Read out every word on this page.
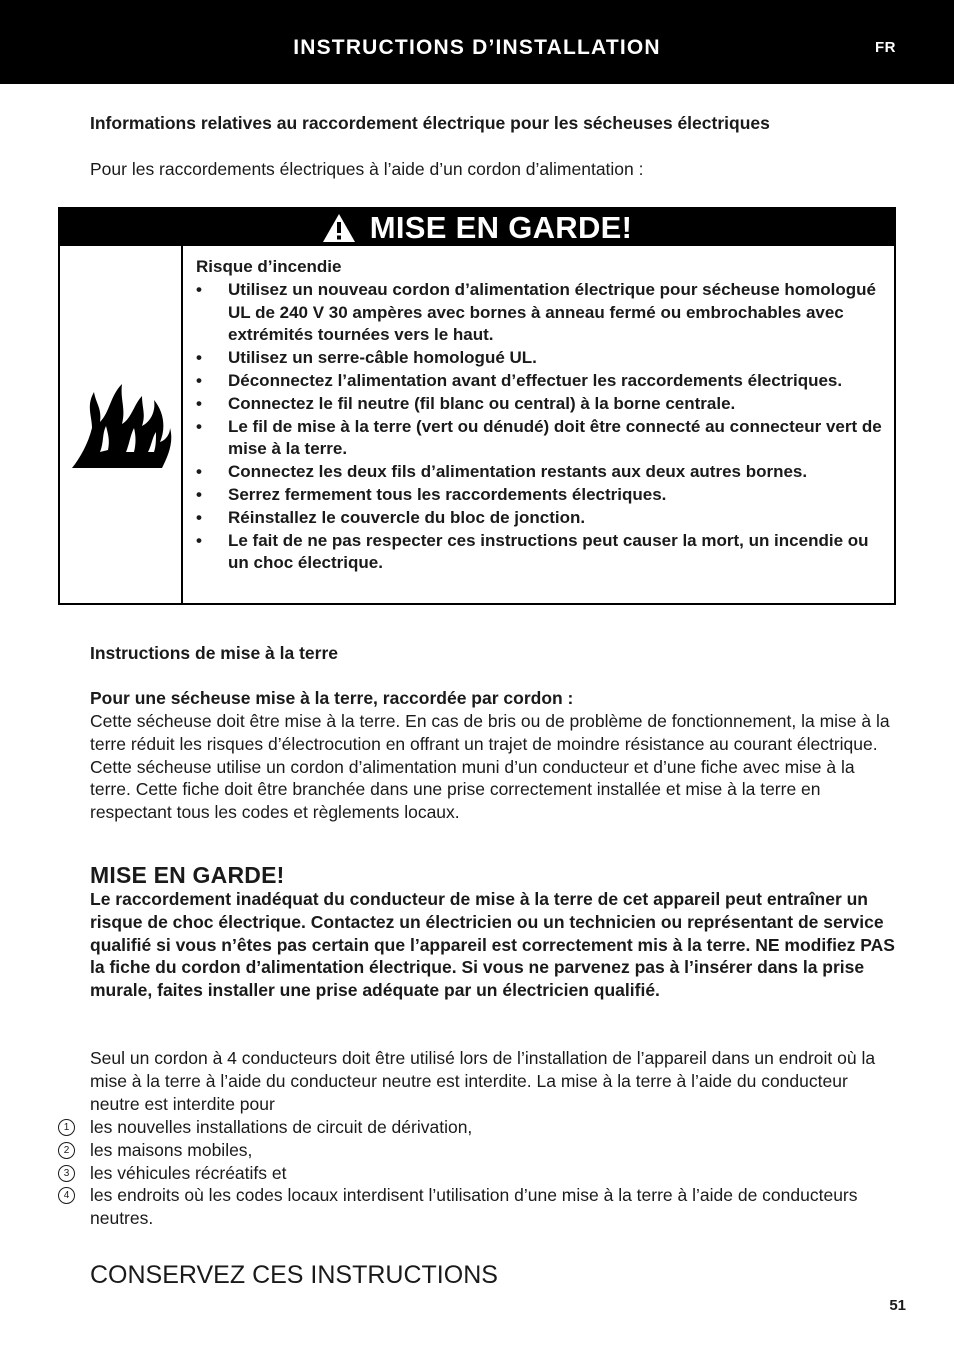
INSTRUCTIONS D’INSTALLATION	FR
Informations relatives au raccordement électrique pour les sécheuses électriques
Pour les raccordements électriques à l’aide d’un cordon d’alimentation :
MISE EN GARDE!
Risque d’incendie
• Utilisez un nouveau cordon d’alimentation électrique pour sécheuse homologué UL de 240 V 30 ampères avec bornes à anneau fermé ou embrochables avec extrémités tournées vers le haut.
• Utilisez un serre-câble homologué UL.
• Déconnectez l’alimentation avant d’effectuer les raccordements électriques.
• Connectez le fil neutre (fil blanc ou central) à la borne centrale.
• Le fil de mise à la terre (vert ou dénudé) doit être connecté au connecteur vert de mise à la terre.
• Connectez les deux fils d’alimentation restants aux deux autres bornes.
• Serrez fermement tous les raccordements électriques.
• Réinstallez le couvercle du bloc de jonction.
• Le fait de ne pas respecter ces instructions peut causer la mort, un incendie ou un choc électrique.
Instructions de mise à la terre
Pour une sécheuse mise à la terre, raccordée par cordon :
Cette sécheuse doit être mise à la terre. En cas de bris ou de problème de fonctionnement, la mise à la terre réduit les risques d’électrocution en offrant un trajet de moindre résistance au courant électrique. Cette sécheuse utilise un cordon d’alimentation muni d’un conducteur et d’une fiche avec mise à la terre. Cette fiche doit être branchée dans une prise correctement installée et mise à la terre en respectant tous les codes et règlements locaux.
MISE EN GARDE!
Le raccordement inadéquat du conducteur de mise à la terre de cet appareil peut entraîner un risque de choc électrique. Contactez un électricien ou un technicien ou représentant de service qualifié si vous n’êtes pas certain que l’appareil est correctement mis à la terre. NE modifiez PAS la fiche du cordon d’alimentation électrique. Si vous ne parvenez pas à l’insérer dans la prise murale, faites installer une prise adéquate par un électricien qualifié.
Seul un cordon à 4 conducteurs doit être utilisé lors de l’installation de l’appareil dans un endroit où la mise à la terre à l’aide du conducteur neutre est interdite. La mise à la terre à l’aide du conducteur neutre est interdite pour
1	les nouvelles installations de circuit de dérivation,
2	les maisons mobiles,
3	les véhicules récréatifs et
4	les endroits où les codes locaux interdisent l’utilisation d’une mise à la terre à l’aide de conducteurs neutres.
CONSERVEZ CES INSTRUCTIONS
51
